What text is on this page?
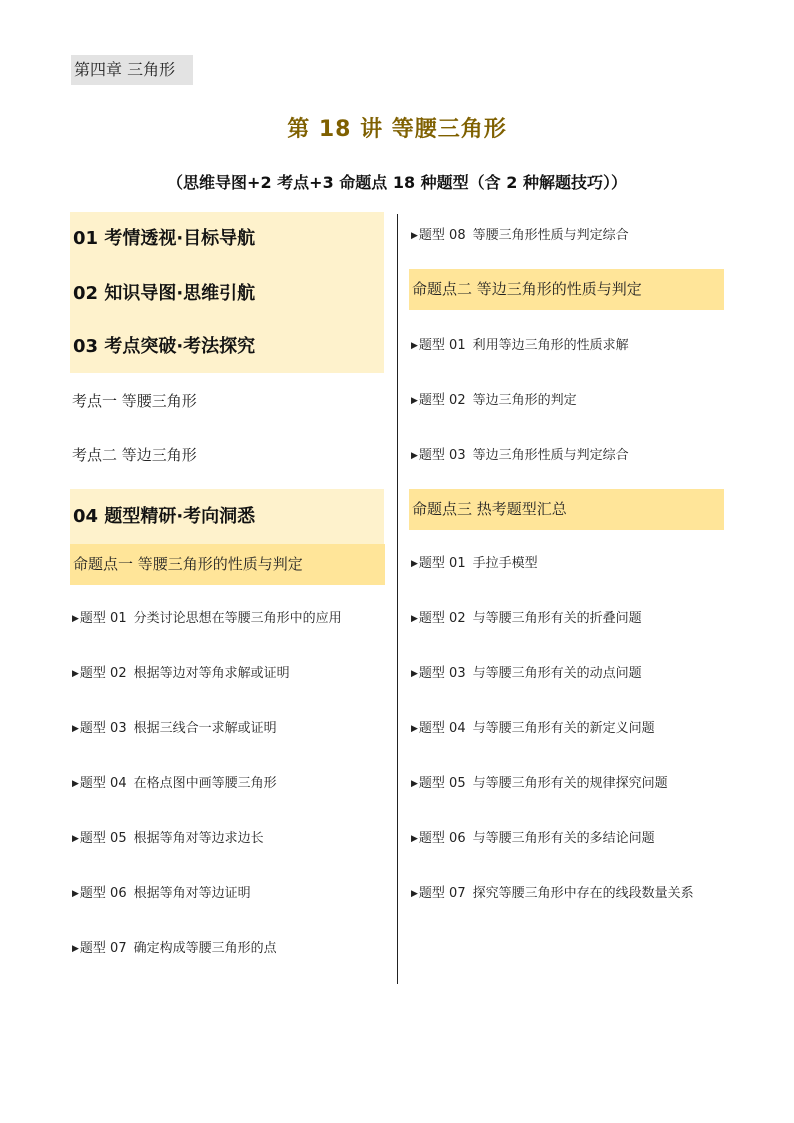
第四章 三角形
第 18 讲 等腰三角形
（思维导图+2 考点+3 命题点 18 种题型（含 2 种解题技巧））
01 考情透视·目标导航
02 知识导图·思维引航
03 考点突破·考法探究
考点一 等腰三角形
考点二 等边三角形
04 题型精研·考向洞悉
命题点一 等腰三角形的性质与判定
▶题型 01 分类讨论思想在等腰三角形中的应用
▶题型 02 根据等边对等角求解或证明
▶题型 03 根据三线合一求解或证明
▶题型 04 在格点图中画等腰三角形
▶题型 05 根据等角对等边求边长
▶题型 06 根据等角对等边证明
▶题型 07 确定构成等腰三角形的点
▶题型 08 等腰三角形性质与判定综合
命题点二 等边三角形的性质与判定
▶题型 01 利用等边三角形的性质求解
▶题型 02 等边三角形的判定
▶题型 03 等边三角形性质与判定综合
命题点三 热考题型汇总
▶题型 01 手拉手模型
▶题型 02 与等腰三角形有关的折叠问题
▶题型 03 与等腰三角形有关的动点问题
▶题型 04 与等腰三角形有关的新定义问题
▶题型 05 与等腰三角形有关的规律探究问题
▶题型 06 与等腰三角形有关的多结论问题
▶题型 07 探究等腰三角形中存在的线段数量关系
